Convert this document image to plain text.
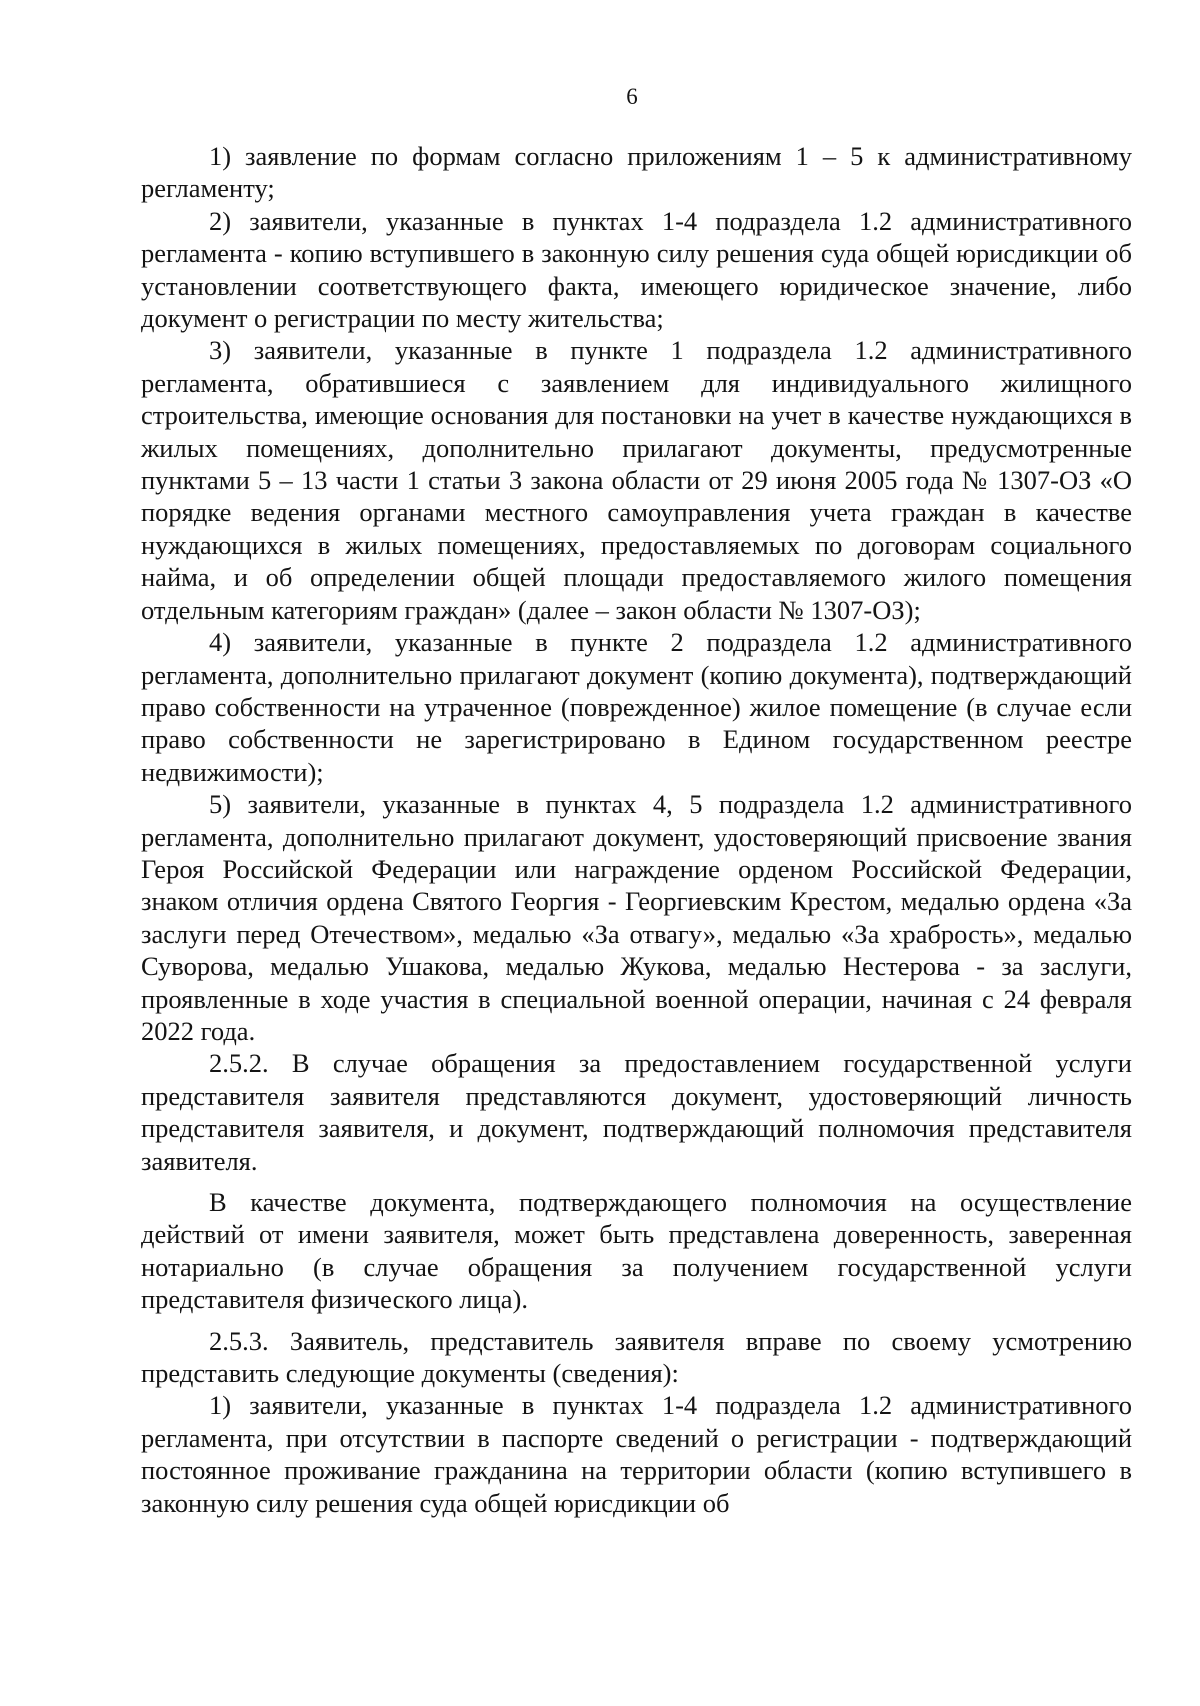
6

1) заявление по формам согласно приложениям 1 – 5 к административному регламенту;

2) заявители, указанные в пунктах 1-4 подраздела 1.2 административного регламента - копию вступившего в законную силу решения суда общей юрисдикции об установлении соответствующего факта, имеющего юридическое значение, либо документ о регистрации по месту жительства;

3) заявители, указанные в пункте 1 подраздела 1.2 административного регламента, обратившиеся с заявлением для индивидуального жилищного строительства, имеющие основания для постановки на учет в качестве нуждающихся в жилых помещениях, дополнительно прилагают документы, предусмотренные пунктами 5 – 13 части 1 статьи 3 закона области от 29 июня 2005 года № 1307-ОЗ «О порядке ведения органами местного самоуправления учета граждан в качестве нуждающихся в жилых помещениях, предоставляемых по договорам социального найма, и об определении общей площади предоставляемого жилого помещения отдельным категориям граждан» (далее – закон области № 1307-ОЗ);

4) заявители, указанные в пункте 2 подраздела 1.2 административного регламента, дополнительно прилагают документ (копию документа), подтверждающий право собственности на утраченное (поврежденное) жилое помещение (в случае если право собственности не зарегистрировано в Едином государственном реестре недвижимости);

5) заявители, указанные в пунктах 4, 5 подраздела 1.2 административного регламента, дополнительно прилагают документ, удостоверяющий присвоение звания Героя Российской Федерации или награждение орденом Российской Федерации, знаком отличия ордена Святого Георгия - Георгиевским Крестом, медалью ордена «За заслуги перед Отечеством», медалью «За отвагу», медалью «За храбрость», медалью Суворова, медалью Ушакова, медалью Жукова, медалью Нестерова - за заслуги, проявленные в ходе участия в специальной военной операции, начиная с 24 февраля 2022 года.

2.5.2. В случае обращения за предоставлением государственной услуги представителя заявителя представляются документ, удостоверяющий личность представителя заявителя, и документ, подтверждающий полномочия представителя заявителя.

В качестве документа, подтверждающего полномочия на осуществление действий от имени заявителя, может быть представлена доверенность, заверенная нотариально (в случае обращения за получением государственной услуги представителя физического лица).

2.5.3. Заявитель, представитель заявителя вправе по своему усмотрению представить следующие документы (сведения):

1) заявители, указанные в пунктах 1-4 подраздела 1.2 административного регламента, при отсутствии в паспорте сведений о регистрации - подтверждающий постоянное проживание гражданина на территории области (копию вступившего в законную силу решения суда общей юрисдикции об
